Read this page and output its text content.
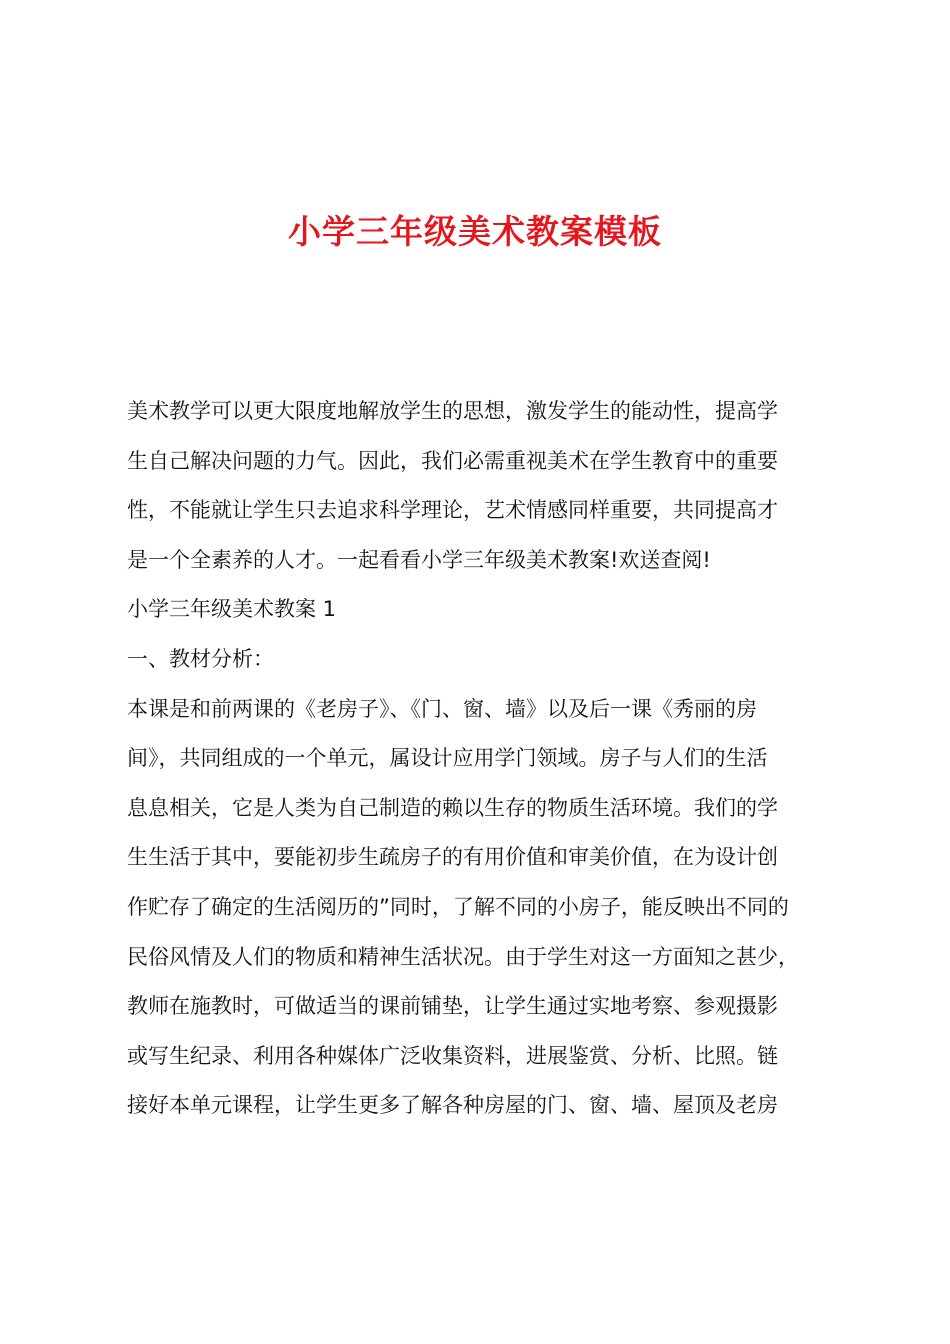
小学三年级美术教案模板
美术教学可以更大限度地解放学生的思想，激发学生的能动性，提高学
生自己解决问题的力气。因此，我们必需重视美术在学生教育中的重要
性，不能就让学生只去追求科学理论，艺术情感同样重要，共同提高才
是一个全素养的人才。一起看看小学三年级美术教案!欢送查阅!
小学三年级美术教案 1
一、教材分析：
本课是和前两课的《老房子》、《门、窗、墙》以及后一课《秀丽的房
间》，共同组成的一个单元，属设计应用学门领域。房子与人们的生活
息息相关，它是人类为自己制造的赖以生存的物质生活环境。我们的学
生生活于其中，要能初步生疏房子的有用价值和审美价值，在为设计创
作贮存了确定的生活阅历的”同时，了解不同的小房子，能反映出不同的
民俗风情及人们的物质和精神生活状况。由于学生对这一方面知之甚少，
教师在施教时，可做适当的课前铺垫，让学生通过实地考察、参观摄影
或写生纪录、利用各种媒体广泛收集资料，进展鉴赏、分析、比照。链
接好本单元课程，让学生更多了解各种房屋的门、窗、墙、屋顶及老房
